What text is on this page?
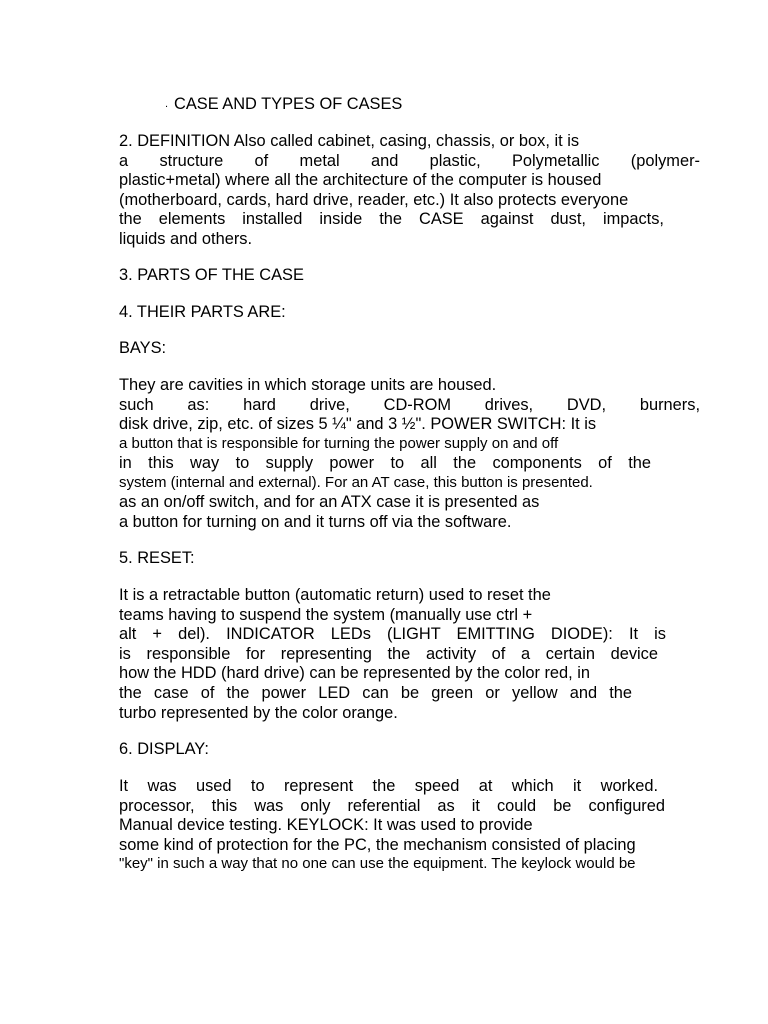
. CASE AND TYPES OF CASES
2. DEFINITION Also called cabinet, casing, chassis, or box, it is
a structure of metal and plastic, Polymetallic (polymer-
plastic+metal) where all the architecture of the computer is housed
(motherboard, cards, hard drive, reader, etc.) It also protects everyone
the elements installed inside the CASE against dust, impacts,
liquids and others.
3. PARTS OF THE CASE
4. THEIR PARTS ARE:
BAYS:
They are cavities in which storage units are housed.
such as: hard drive, CD-ROM drives, DVD, burners,
disk drive, zip, etc. of sizes 5 ¼" and 3 ½". POWER SWITCH: It is
a button that is responsible for turning the power supply on and off
in this way to supply power to all the components of the
system (internal and external). For an AT case, this button is presented.
as an on/off switch, and for an ATX case it is presented as
a button for turning on and it turns off via the software.
5. RESET:
It is a retractable button (automatic return) used to reset the
teams having to suspend the system (manually use ctrl +
alt + del). INDICATOR LEDs (LIGHT EMITTING DIODE): It is
is responsible for representing the activity of a certain device
how the HDD (hard drive) can be represented by the color red, in
the case of the power LED can be green or yellow and the
turbo represented by the color orange.
6. DISPLAY:
It was used to represent the speed at which it worked.
processor, this was only referential as it could be configured
Manual device testing. KEYLOCK: It was used to provide
some kind of protection for the PC, the mechanism consisted of placing
"key" in such a way that no one can use the equipment. The keylock would be
